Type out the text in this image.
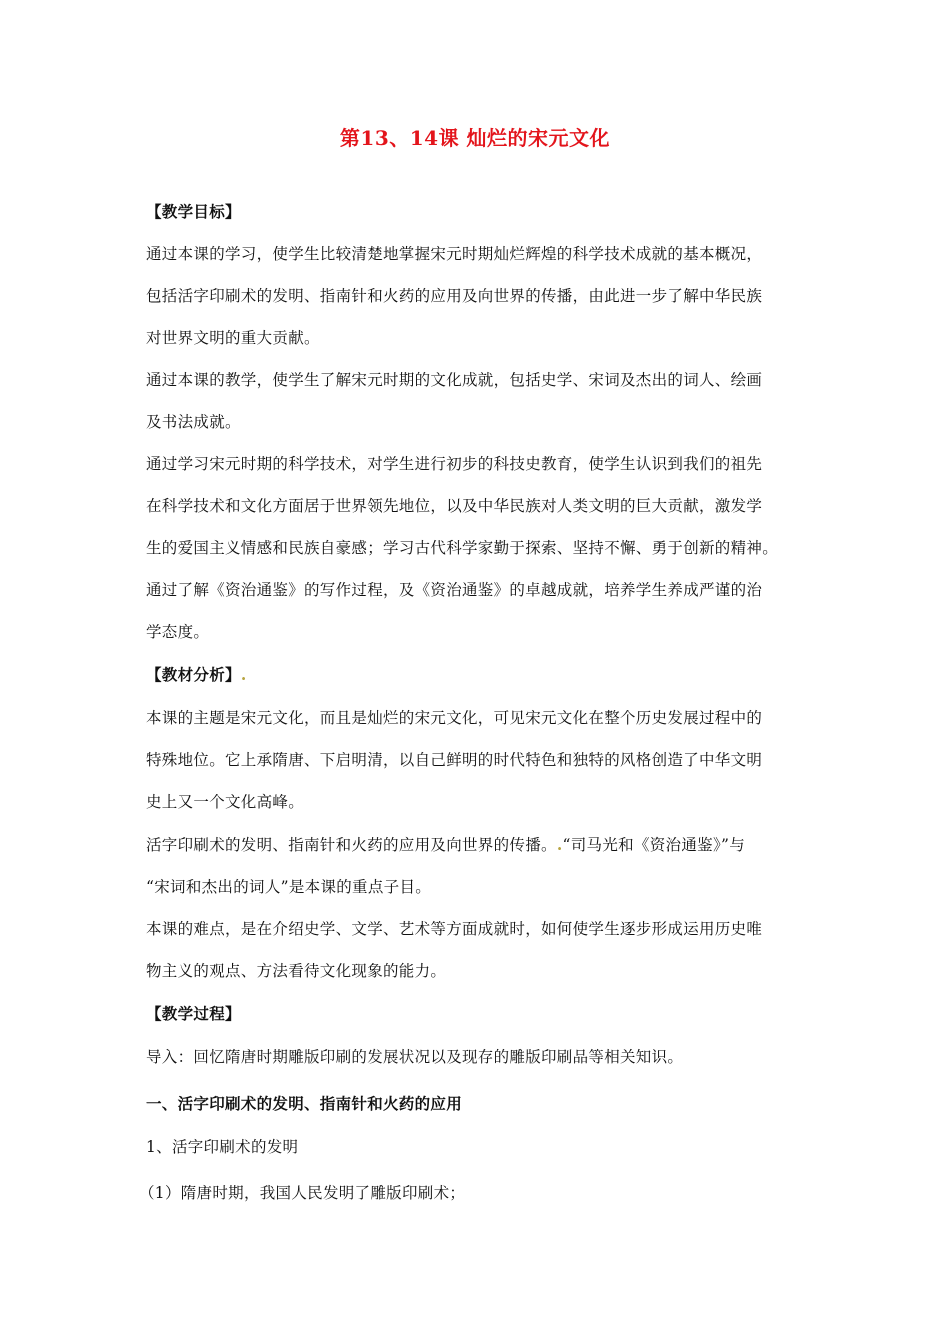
第13、14课 灿烂的宋元文化
【教学目标】
通过本课的学习，使学生比较清楚地掌握宋元时期灿烂辉煌的科学技术成就的基本概况，
包括活字印刷术的发明、指南针和火药的应用及向世界的传播，由此进一步了解中华民族
对世界文明的重大贡献。
通过本课的教学，使学生了解宋元时期的文化成就，包括史学、宋词及杰出的词人、绘画
及书法成就。
通过学习宋元时期的科学技术，对学生进行初步的科技史教育，使学生认识到我们的祖先
在科学技术和文化方面居于世界领先地位，以及中华民族对人类文明的巨大贡献，激发学
生的爱国主义情感和民族自豪感；学习古代科学家勤于探索、坚持不懈、勇于创新的精神。
通过了解《资治通鉴》的写作过程，及《资治通鉴》的卓越成就，培养学生养成严谨的治
学态度。
【教材分析】.
本课的主题是宋元文化，而且是灿烂的宋元文化，可见宋元文化在整个历史发展过程中的
特殊地位。它上承隋唐、下启明清，以自己鲜明的时代特色和独特的风格创造了中华文明
史上又一个文化高峰。
活字印刷术的发明、指南针和火药的应用及向世界的传播。.“司马光和《资治通鉴》”与
“宋词和杰出的词人”是本课的重点子目。
本课的难点，是在介绍史学、文学、艺术等方面成就时，如何使学生逐步形成运用历史唯
物主义的观点、方法看待文化现象的能力。
【教学过程】
导入：回忆隋唐时期雕版印刷的发展状况以及现存的雕版印刷品等相关知识。
一、活字印刷术的发明、指南针和火药的应用
1、活字印刷术的发明
（1）隋唐时期，我国人民发明了雕版印刷术；
